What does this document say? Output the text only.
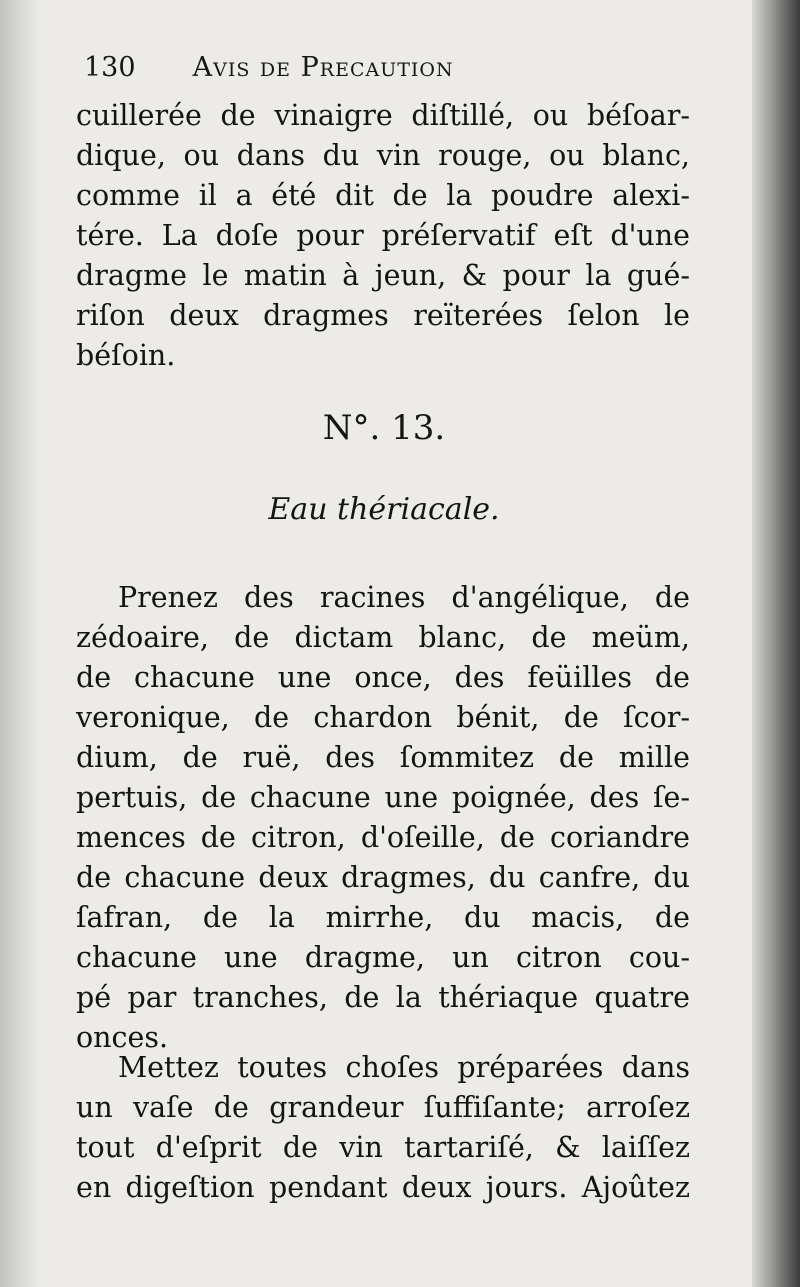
130 Avis de Precaution
cuillerée de vinaigre diſtillé, ou béſoar-
dique, ou dans du vin rouge, ou blanc,
comme il a été dit de la poudre alexi-
tére. La doſe pour préſervatif eſt d'une
dragme le matin à jeun, & pour la gué-
riſon deux dragmes reïterées ſelon le
béſoin.
N°. 13.
Eau thériacale.
Prenez des racines d'angélique, de
zédoaire, de dictam blanc, de meüm,
de chacune une once, des feüilles de
veronique, de chardon bénit, de ſcor-
dium, de ruë, des ſommitez de mille
pertuis, de chacune une poignée, des ſe-
mences de citron, d'oſeille, de coriandre
de chacune deux dragmes, du canfre, du
ſafran, de la mirrhe, du macis, de
chacune une dragme, un citron cou-
pé par tranches, de la thériaque quatre
onces.
Mettez toutes choſes préparées dans
un vaſe de grandeur ſuffiſante; arroſez
tout d'eſprit de vin tartariſé, & laiſſez
en digeſtion pendant deux jours. Ajoûtez
